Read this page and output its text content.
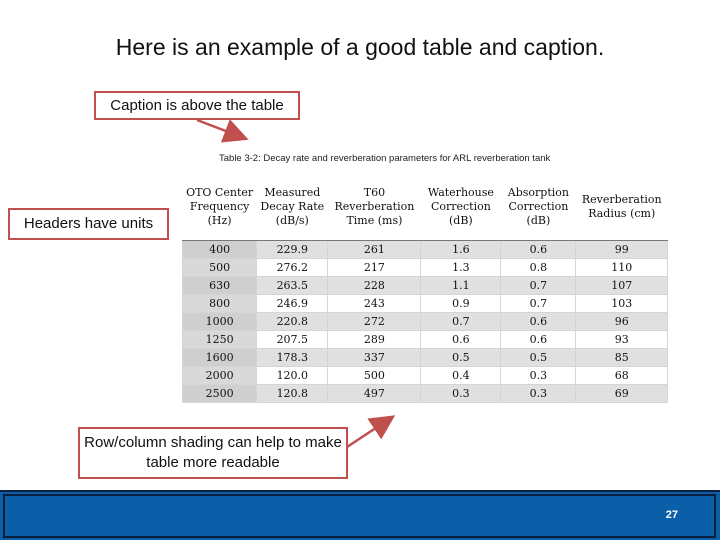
Here is an example of a good table and caption.
Caption is above the table
Headers have units
Row/column shading can help to make table more readable
Table 3-2: Decay rate and reverberation parameters for ARL reverberation tank
OTO Center Frequency (Hz)	Measured Decay Rate (dB/s)	T60 Reverberation Time (ms)	Waterhouse Correction (dB)	Absorption Correction (dB)	Reverberation Radius (cm)
400	229.9	261	1.6	0.6	99
500	276.2	217	1.3	0.8	110
630	263.5	228	1.1	0.7	107
800	246.9	243	0.9	0.7	103
1000	220.8	272	0.7	0.6	96
1250	207.5	289	0.6	0.6	93
1600	178.3	337	0.5	0.5	85
2000	120.0	500	0.4	0.3	68
2500	120.8	497	0.3	0.3	69
27
